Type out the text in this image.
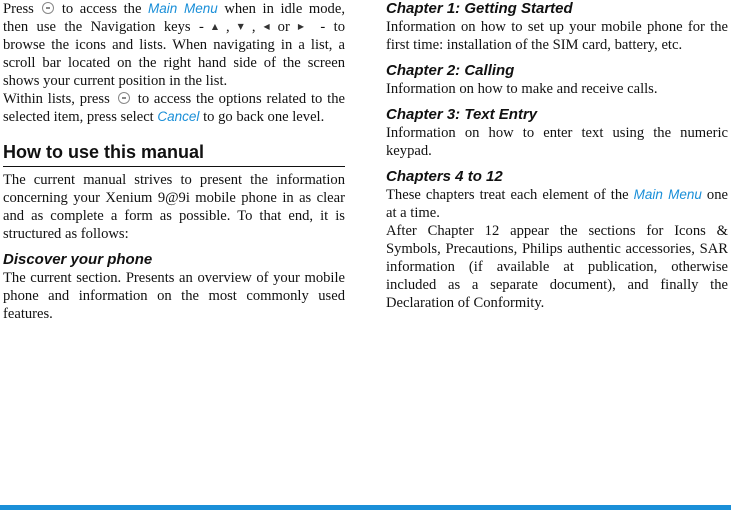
Press to access the Main Menu when in idle mode, then use the Navigation keys - ▲ , ▼ , ◀ or ▶ - to browse the icons and lists. When navigating in a list, a scroll bar located on the right hand side of the screen shows your current position in the list.

Within lists, press to access the options related to the selected item, press select Cancel to go back one level.

How to use this manual

The current manual strives to present the information concerning your Xenium 9@9i mobile phone in as clear and as complete a form as possible. To that end, it is structured as follows:

Discover your phone

The current section. Presents an overview of your mobile phone and information on the most commonly used features.

Chapter 1: Getting Started

Information on how to set up your mobile phone for the first time: installation of the SIM card, battery, etc.

Chapter 2: Calling

Information on how to make and receive calls.

Chapter 3: Text Entry

Information on how to enter text using the numeric keypad.

Chapters 4 to 12

These chapters treat each element of the Main Menu one at a time.

After Chapter 12 appear the sections for Icons & Symbols, Precautions, Philips authentic accessories, SAR information (if available at publication, otherwise included as a separate document), and finally the Declaration of Conformity.
